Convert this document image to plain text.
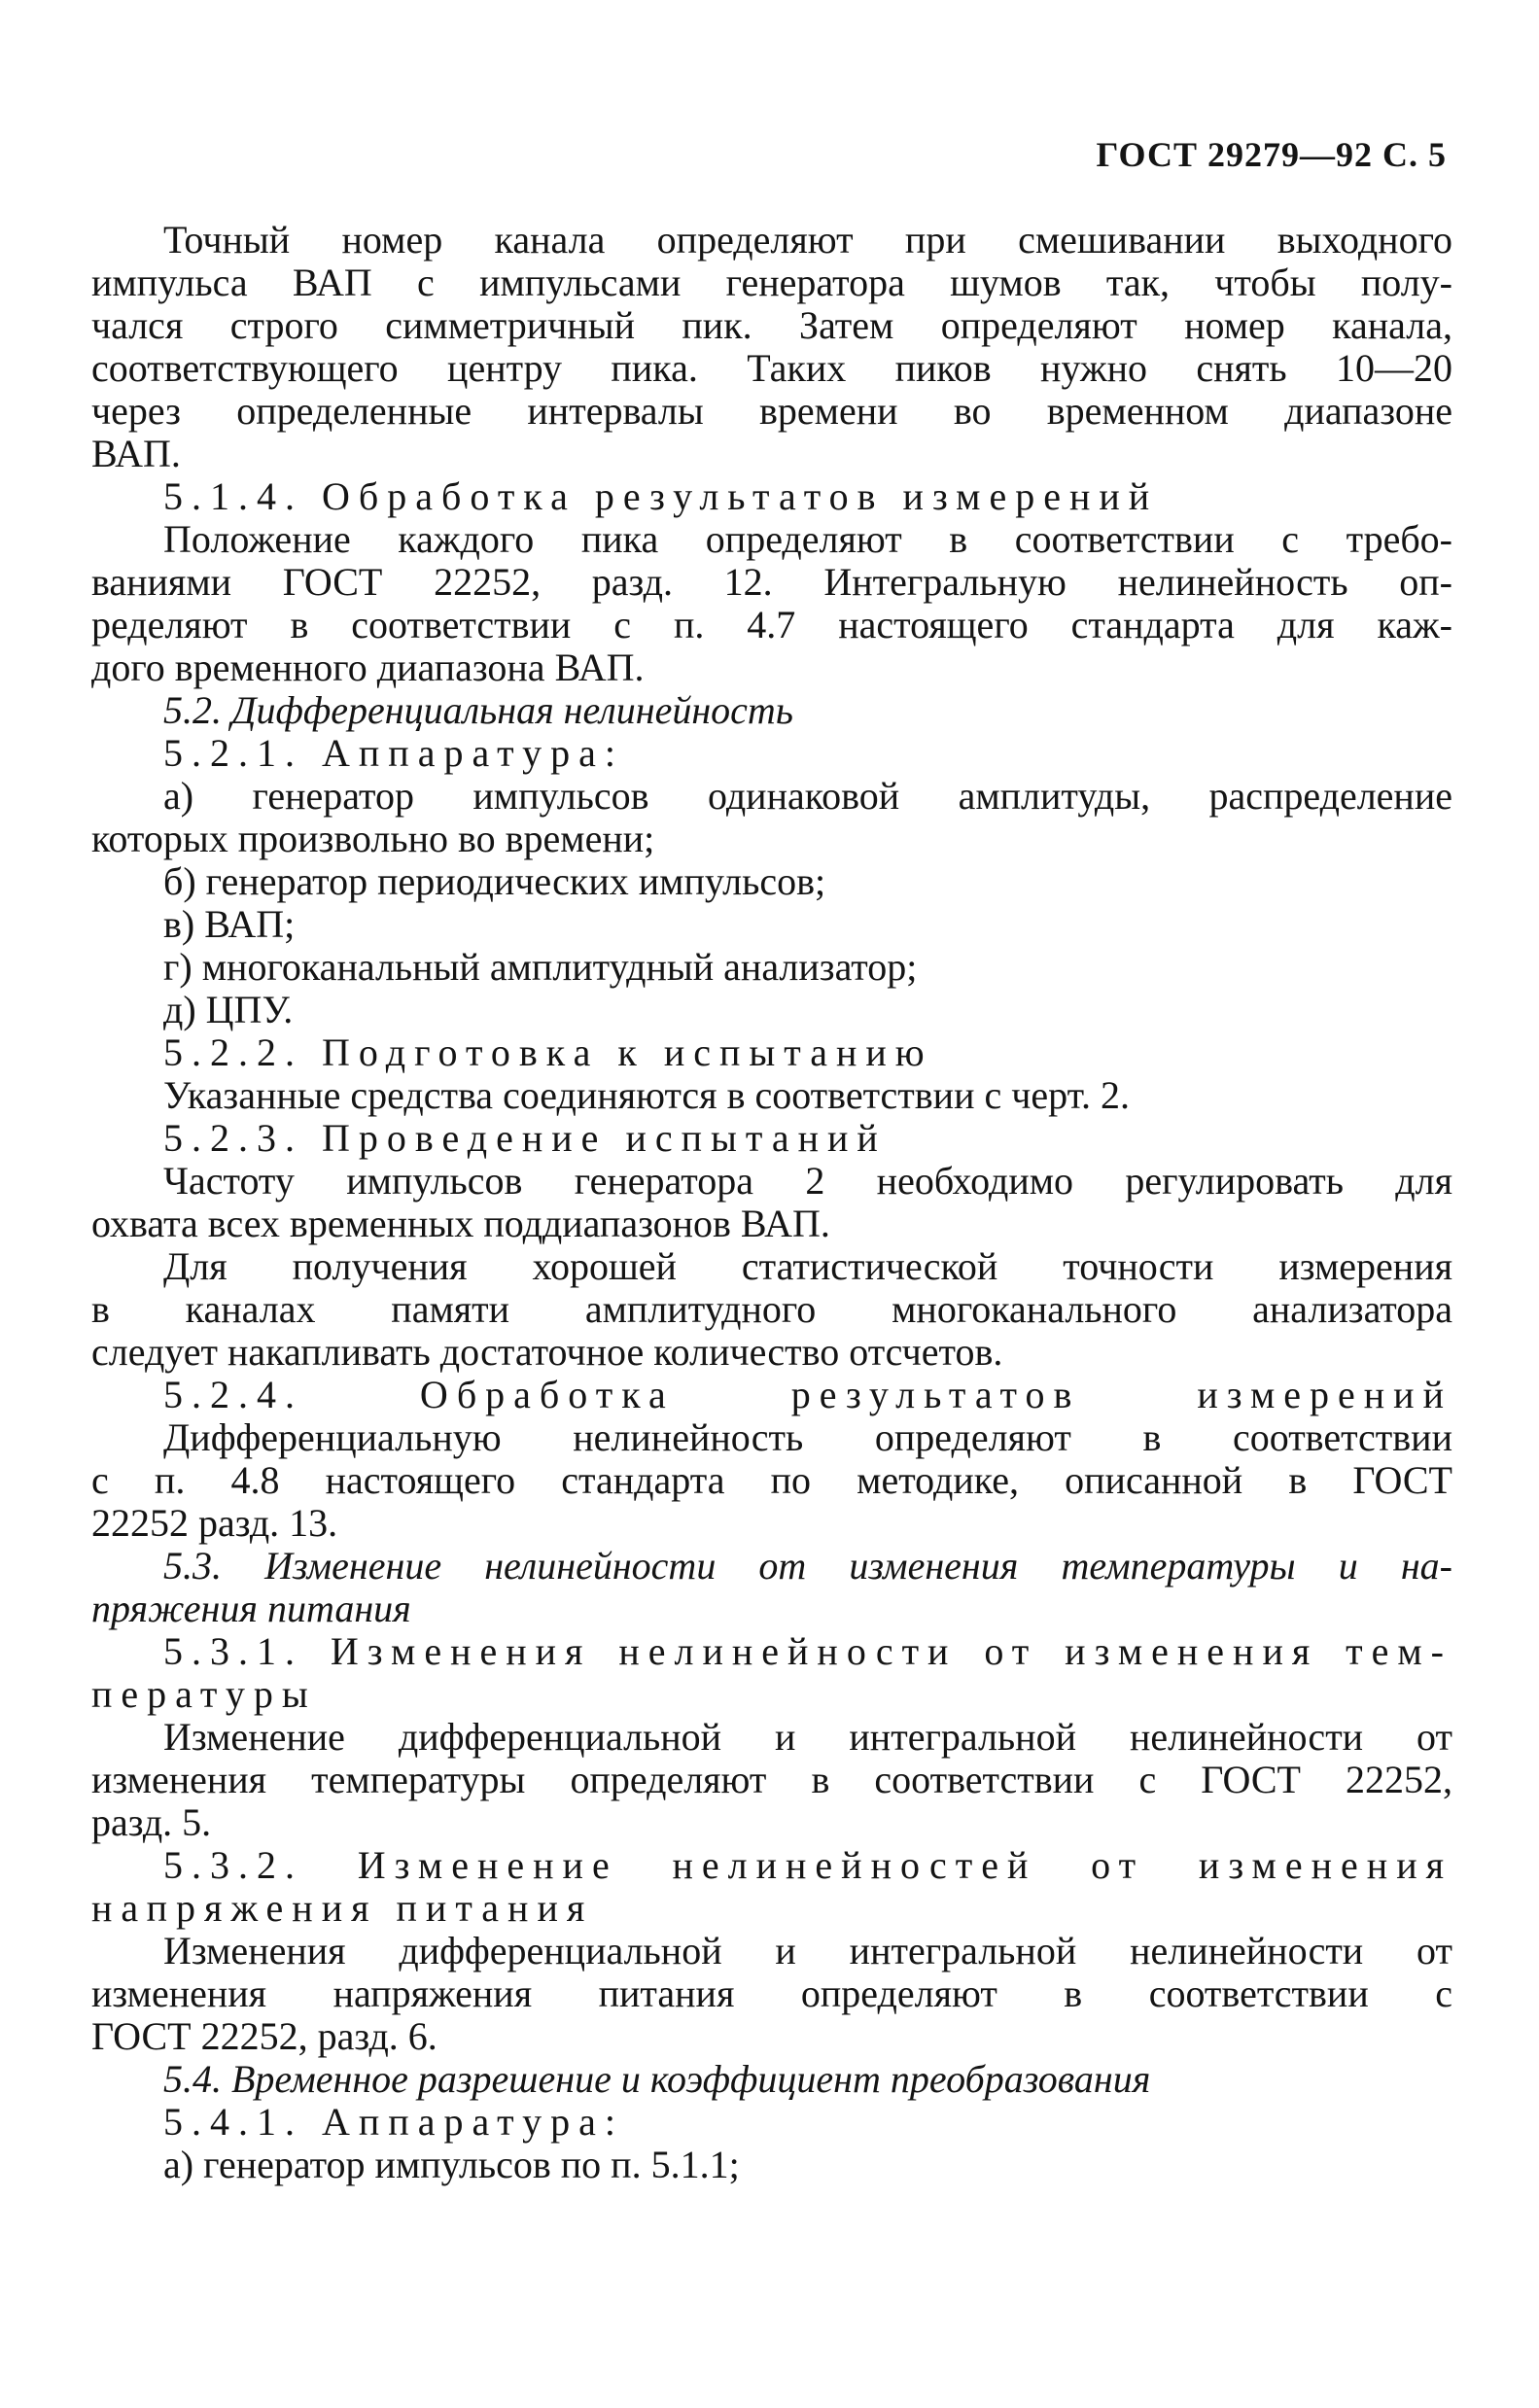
ГОСТ 29279—92 С. 5
Точный номер канала определяют при смешивании выходного
импульса ВАП с импульсами генератора шумов так, чтобы полу-
чался строго симметричный пик. Затем определяют номер канала,
соответствующего центру пика. Таких пиков нужно снять 10—20
через определенные интервалы времени во временном диапазоне
ВАП.
5.1.4. Обработка результатов измерений
Положение каждого пика определяют в соответствии с требо-
ваниями ГОСТ 22252, разд. 12. Интегральную нелинейность оп-
ределяют в соответствии с п. 4.7 настоящего стандарта для каж-
дого временного диапазона ВАП.
5.2. Дифференциальная нелинейность
5.2.1. Аппаратура:
а) генератор импульсов одинаковой амплитуды, распределение
которых произвольно во времени;
б) генератор периодических импульсов;
в) ВАП;
г) многоканальный амплитудный анализатор;
д) ЦПУ.
5.2.2. Подготовка к испытанию
Указанные средства соединяются в соответствии с черт. 2.
5.2.3. Проведение испытаний
Частоту импульсов генератора 2 необходимо регулировать для
охвата всех временных поддиапазонов ВАП.
Для получения хорошей статистической точности измерения
в каналах памяти амплитудного многоканального анализатора
следует накапливать достаточное количество отсчетов.
5.2.4. Обработка результатов измерений
Дифференциальную нелинейность определяют в соответствии
с п. 4.8 настоящего стандарта по методике, описанной в ГОСТ
22252 разд. 13.
5.3. Изменение нелинейности от изменения температуры и на-
пряжения питания
5.3.1. Изменения нелинейности от изменения тем-
пературы
Изменение дифференциальной и интегральной нелинейности от
изменения температуры определяют в соответствии с ГОСТ 22252,
разд. 5.
5.3.2. Изменение нелинейностей от изменения
напряжения питания
Изменения дифференциальной и интегральной нелинейности от
изменения напряжения питания определяют в соответствии с
ГОСТ 22252, разд. 6.
5.4. Временное разрешение и коэффициент преобразования
5.4.1. Аппаратура:
а) генератор импульсов по п. 5.1.1;
